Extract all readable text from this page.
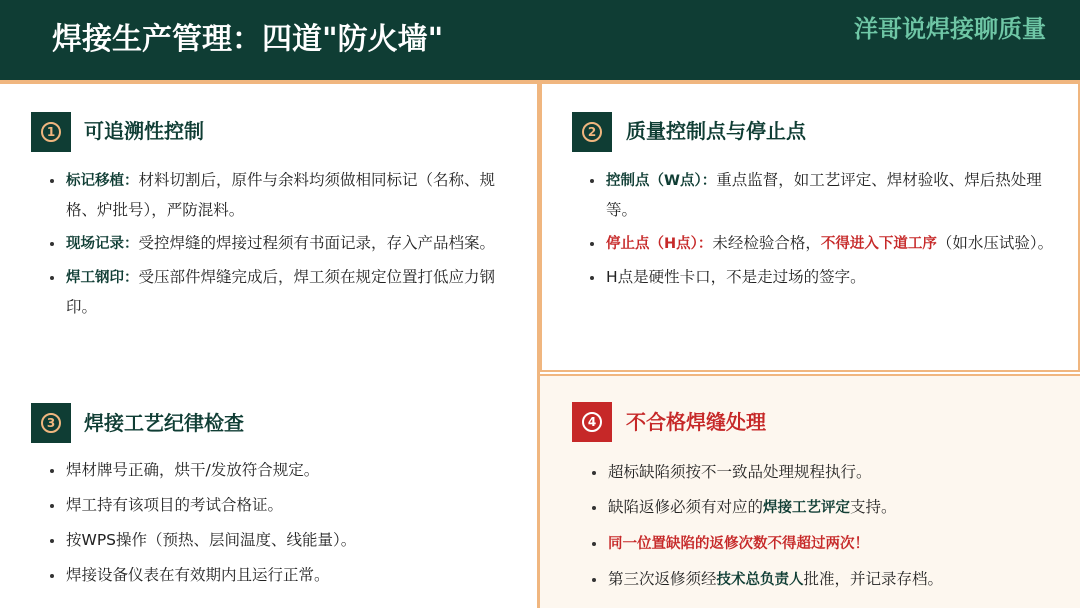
焊接生产管理：四道"防火墙"	洋哥说焊接聊质量
1 可追溯性控制
标记移植：材料切割后，原件与余料均须做相同标记（名称、规格、炉批号），严防混料。
现场记录：受控焊缝的焊接过程须有书面记录，存入产品档案。
焊工钢印：受压部件焊缝完成后，焊工须在规定位置打低应力钢印。
2 质量控制点与停止点
控制点（W点）：重点监督，如工艺评定、焊材验收、焊后热处理等。
停止点（H点）：未经检验合格，不得进入下道工序（如水压试验）。
H点是硬性卡口，不是走过场的签字。
3 焊接工艺纪律检查
焊材牌号正确，烘干/发放符合规定。
焊工持有该项目的考试合格证。
按WPS操作（预热、层间温度、线能量）。
焊接设备仪表在有效期内且运行正常。
4 不合格焊缝处理
超标缺陷须按不一致品处理规程执行。
缺陷返修必须有对应的焊接工艺评定支持。
同一位置缺陷的返修次数不得超过两次！
第三次返修须经技术总负责人批准，并记录存档。
